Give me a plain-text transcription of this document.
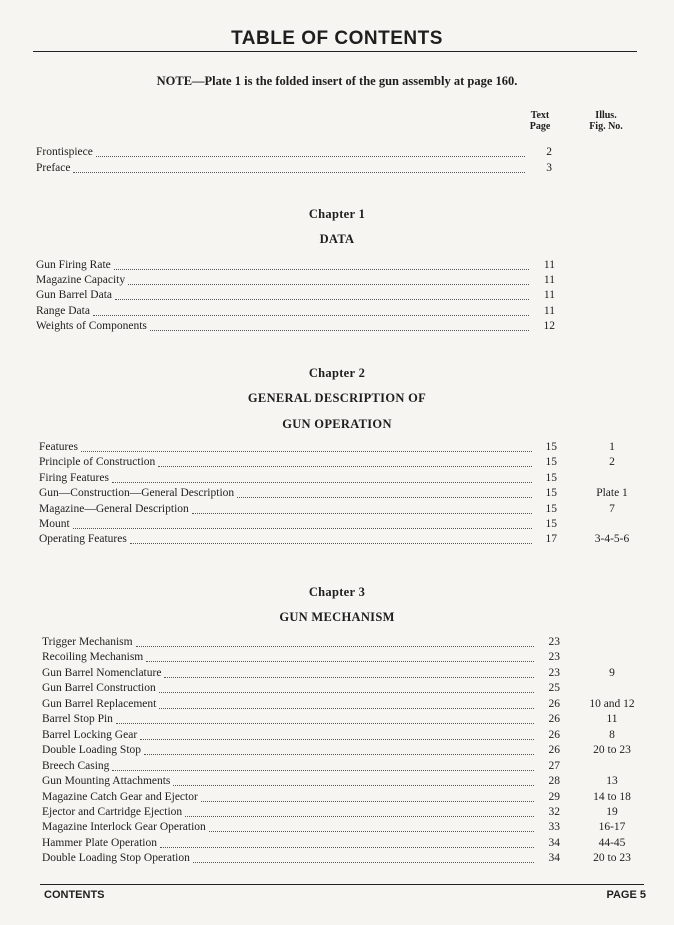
TABLE OF CONTENTS
NOTE—Plate 1 is the folded insert of the gun assembly at page 160.
Text
Page
Illus.
Fig. No.
Frontispiece	2
Preface	3
Chapter 1
DATA
Gun Firing Rate	11
Magazine Capacity	11
Gun Barrel Data	11
Range Data	11
Weights of Components	12
Chapter 2
GENERAL DESCRIPTION OF
GUN OPERATION
Features	15	1
Principle of Construction	15	2
Firing Features	15
Gun—Construction—General Description	15	Plate 1
Magazine—General Description	15	7
Mount	15
Operating Features	17	3-4-5-6
Chapter 3
GUN MECHANISM
Trigger Mechanism	23
Recoiling Mechanism	23
Gun Barrel Nomenclature	23	9
Gun Barrel Construction	25
Gun Barrel Replacement	26	10 and 12
Barrel Stop Pin	26	11
Barrel Locking Gear	26	8
Double Loading Stop	26	20 to 23
Breech Casing	27
Gun Mounting Attachments	28	13
Magazine Catch Gear and Ejector	29	14 to 18
Ejector and Cartridge Ejection	32	19
Magazine Interlock Gear Operation	33	16-17
Hammer Plate Operation	34	44-45
Double Loading Stop Operation	34	20 to 23
CONTENTS	PAGE 5
